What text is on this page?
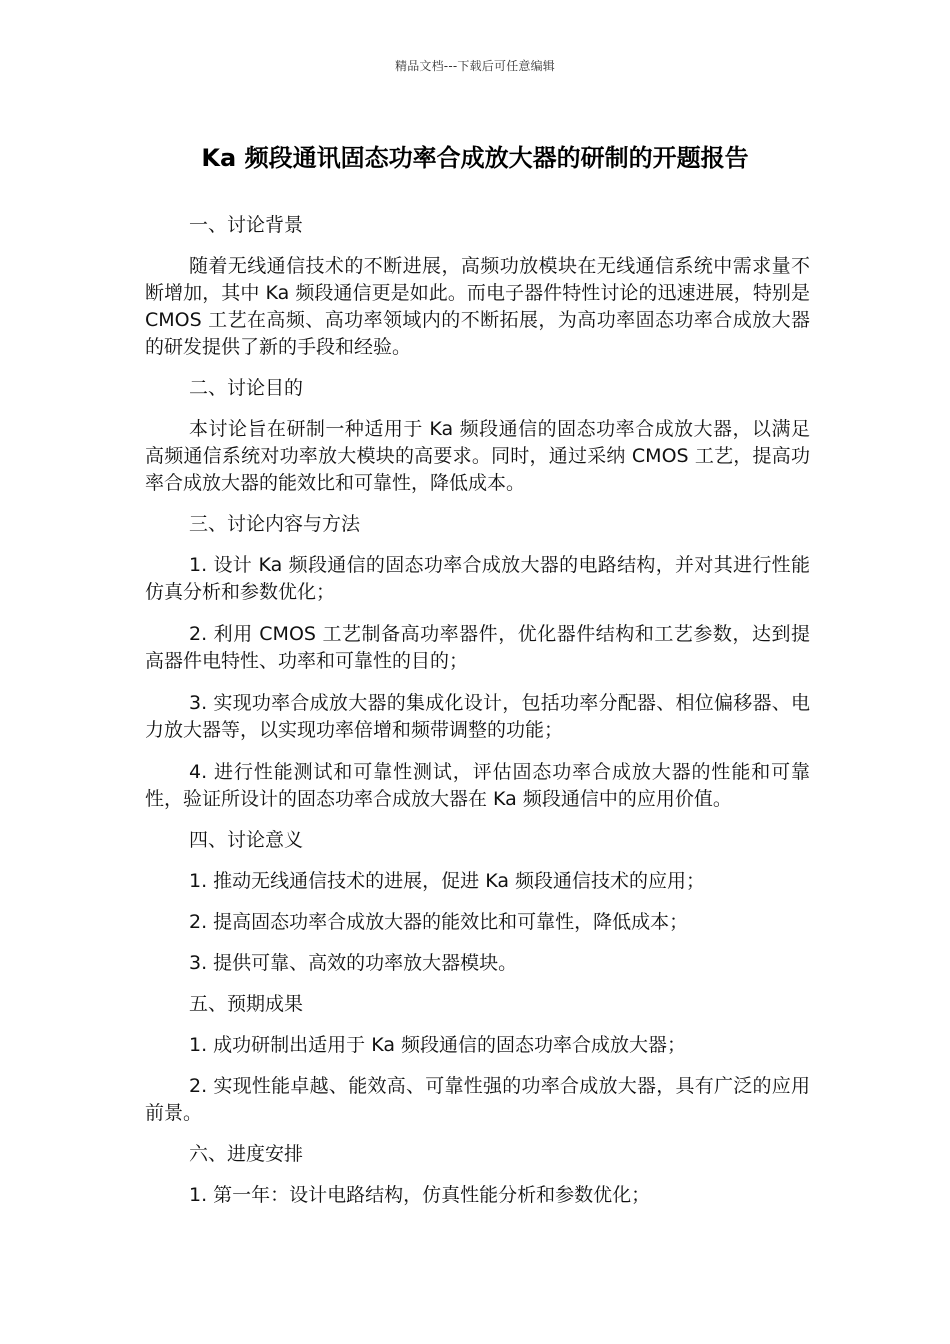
精品文档---下载后可任意编辑
Ka 频段通讯固态功率合成放大器的研制的开题报告

一、讨论背景

随着无线通信技术的不断进展，高频功放模块在无线通信系统中需求量不断增加，其中 Ka 频段通信更是如此。而电子器件特性讨论的迅速进展，特别是 CMOS 工艺在高频、高功率领域内的不断拓展，为高功率固态功率合成放大器的研发提供了新的手段和经验。

二、讨论目的

本讨论旨在研制一种适用于 Ka 频段通信的固态功率合成放大器，以满足高频通信系统对功率放大模块的高要求。同时，通过采纳 CMOS 工艺，提高功率合成放大器的能效比和可靠性，降低成本。

三、讨论内容与方法

1. 设计 Ka 频段通信的固态功率合成放大器的电路结构，并对其进行性能仿真分析和参数优化；

2. 利用 CMOS 工艺制备高功率器件，优化器件结构和工艺参数，达到提高器件电特性、功率和可靠性的目的；

3. 实现功率合成放大器的集成化设计，包括功率分配器、相位偏移器、电力放大器等，以实现功率倍增和频带调整的功能；

4. 进行性能测试和可靠性测试，评估固态功率合成放大器的性能和可靠性，验证所设计的固态功率合成放大器在 Ka 频段通信中的应用价值。

四、讨论意义

1. 推动无线通信技术的进展，促进 Ka 频段通信技术的应用；

2. 提高固态功率合成放大器的能效比和可靠性，降低成本；

3. 提供可靠、高效的功率放大器模块。

五、预期成果

1. 成功研制出适用于 Ka 频段通信的固态功率合成放大器；

2. 实现性能卓越、能效高、可靠性强的功率合成放大器，具有广泛的应用前景。

六、进度安排

1. 第一年：设计电路结构，仿真性能分析和参数优化；
